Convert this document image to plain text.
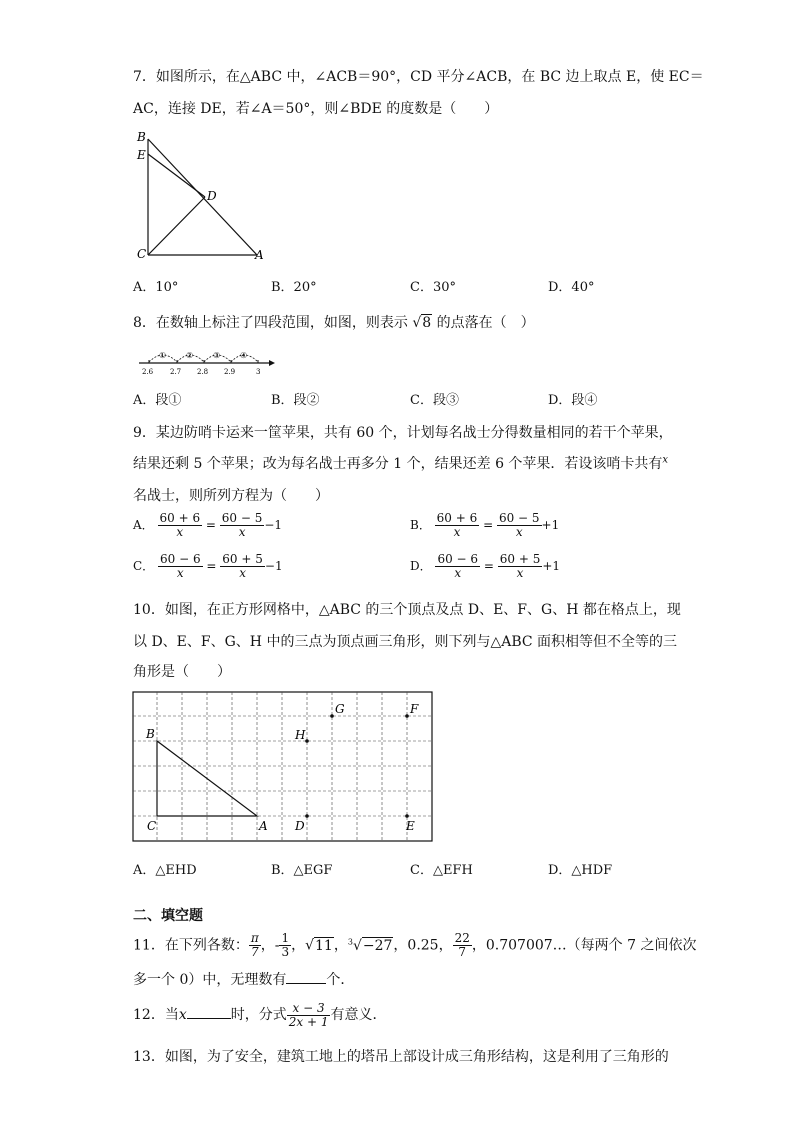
7．如图所示，在△ABC 中，∠ACB＝90°，CD 平分∠ACB，在 BC 边上取点 E，使 EC＝
AC，连接 DE，若∠A＝50°，则∠BDE 的度数是（　　）
B
E
D
C	A
A．10°	B．20°	C．30°	D．40°
8．在数轴上标注了四段范围，如图，则表示 √8 的点落在（　）
① ② ③ ④
2.6 2.7 2.8 2.9	3
A．段①	B．段②	C．段③	D．段④
9．某边防哨卡运来一筐苹果，共有 60 个，计划每名战士分得数量相同的若干个苹果，
结果还剩 5 个苹果；改为每名战士再多分 1 个，结果还差 6 个苹果．若设该哨卡共有$^x$
名战士，则所列方程为（　　）
A． $\frac{60 + 6}{x} = \frac{60 - 5}{x} -1$	B． $\frac{60 + 6}{x} = \frac{60 - 5}{x} +1$
C． $\frac{60 - 6}{x} = \frac{60 + 5}{x} -1$	D． $\frac{60 - 6}{x} = \frac{60 + 5}{x} +1$
10．如图，在正方形网格中，△ABC 的三个顶点及点 D、E、F、G、H 都在格点上，现
以 D、E、F、G、H 中的三点为顶点画三角形，则下列与△ABC 面积相等但不全等的三
角形是（　　）
G	F
B	H
C	A D	E
A．△EHD	B．△EGF	C．△EFH	D．△HDF
二、填空题
11．在下列各数： $\frac{\pi}{7}$ ，- $\frac{1}{3}$ ，√11，$^3$√−27，0.25， $\frac{22}{7}$ ，0.707007…（每两个 7 之间依次
多一个 0）中，无理数有	个．
12．当x	时，分式 $\frac{x - 3}{2x + 1}$ 有意义．
13．如图，为了安全，建筑工地上的塔吊上部设计成三角形结构，这是利用了三角形的
